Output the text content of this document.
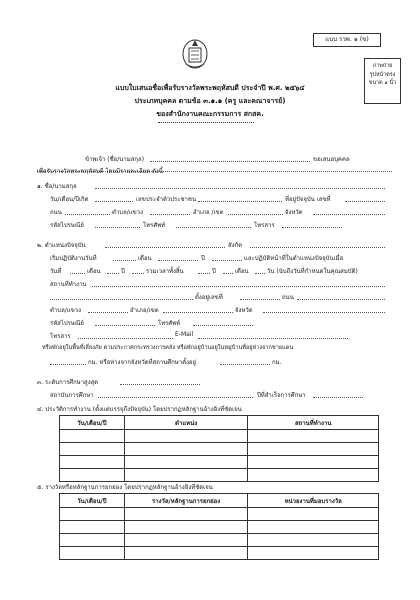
แบบ รวพ. ๑ (ข)
ภาพถ่าย
รูปหน้าตรง
ขนาด ๑ นิ้ว
แบบใบเสนอชื่อเพื่อรับรางวัลพระพฤหัสบดี ประจำปี พ.ศ. ๒๕๖๔
ประเภทบุคคล ตามข้อ ๓.๑.๑ (ครู และคณาจารย์)
ของสำนักงานคณะกรรมการ สกสค.
ข้าพเจ้า (ชื่อ/นามสกุล)	ขอเสนอบุคคล
เพื่อรับรางวัลพระพฤหัสบดี โดยมีรายละเอียด ดังนี้
๑. ชื่อ/นามสกุล
วัน/เดือน/ปีเกิด	เลขประจำตัวประชาชน	ที่อยู่ปัจจุบัน เลขที่
ถนน	ตำบล/แขวง	อำเภอ /เขต	จังหวัด
รหัสไปรษณีย์	โทรศัพท์	โทรสาร
๒. ตำแหน่งปัจจุบัน	สังกัด
เริ่มปฏิบัติงานวันที่	เดือน	ปี	และปฏิบัติหน้าที่ในตำแหน่งปัจจุบันเมื่อ
วันที่	เดือน	ปี	รวมเวลาทั้งสิ้น	ปี	เดือน	วัน (นับถึงวันที่กำหนดในคุณสมบัติ)
สถานที่ทำงาน
ตั้งอยู่เลขที่	ถนน
ตำบล/แขวง	อำเภอ/เขต	จังหวัด
รหัสไปรษณีย์	โทรศัพท์
โทรสาร	E-Mail
หรือพักอยู่ในพื้นที่เสี่ยงภัย ตามประกาศกระทรวงการคลัง หรือพักอยู่บ้านอยู่ในหมู่บ้านที่อยู่ห่างจากชายแดน
กม. หรือห่างจากจังหวัดที่สถานศึกษาตั้งอยู่	กม.
๓. ระดับการศึกษาสูงสุด
สถาบันการศึกษา	ปีที่สำเร็จการศึกษา
๔. ประวัติการทำงาน (ตั้งแต่บรรจุถึงปัจจุบัน) โดยปรากฏหลักฐานอ้างอิงที่ชัดเจน
วัน/เดือน/ปี	ตำแหน่ง	สถานที่ทำงาน

๕. รางวัลหรือหลักฐานการยกย่อง โดยปรากฏหลักฐานอ้างอิงที่ชัดเจน
วัน/เดือน/ปี	รางวัล/หลักฐานการยกย่อง	หน่วยงานที่มอบรางวัล
